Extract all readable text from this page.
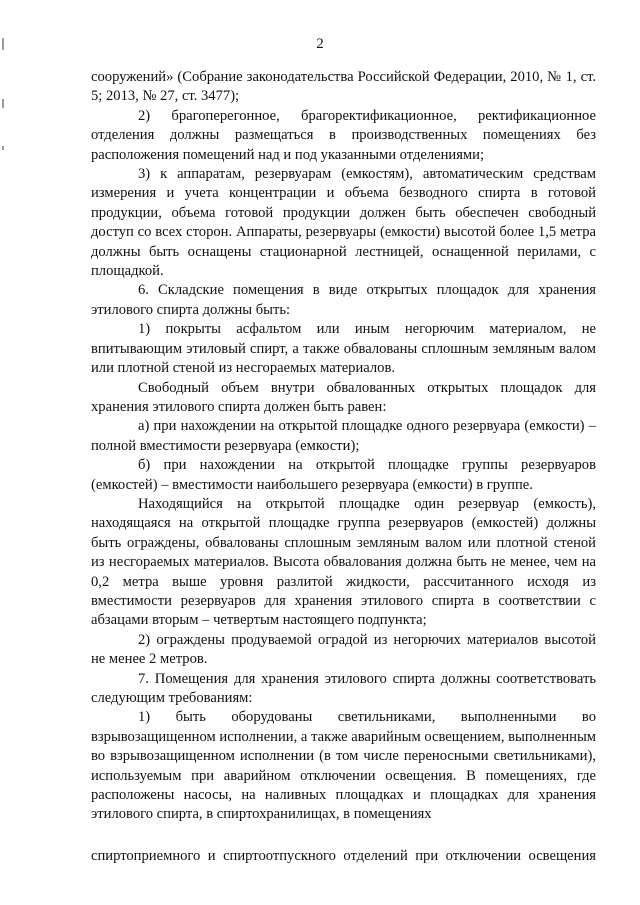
2

сооружений» (Собрание законодательства Российской Федерации, 2010, № 1, ст. 5; 2013, № 27, ст. 3477);

2) брагоперегонное, брагоректификационное, ректификационное отделения должны размещаться в производственных помещениях без расположения помещений над и под указанными отделениями;

3) к аппаратам, резервуарам (емкостям), автоматическим средствам измерения и учета концентрации и объема безводного спирта в готовой продукции, объема готовой продукции должен быть обеспечен свободный доступ со всех сторон. Аппараты, резервуары (емкости) высотой более 1,5 метра должны быть оснащены стационарной лестницей, оснащенной перилами, с площадкой.

6. Складские помещения в виде открытых площадок для хранения этилового спирта должны быть:

1) покрыты асфальтом или иным негорючим материалом, не впитывающим этиловый спирт, а также обвалованы сплошным земляным валом или плотной стеной из несгораемых материалов.

Свободный объем внутри обвалованных открытых площадок для хранения этилового спирта должен быть равен:

а) при нахождении на открытой площадке одного резервуара (емкости) – полной вместимости резервуара (емкости);

б) при нахождении на открытой площадке группы резервуаров (емкостей) – вместимости наибольшего резервуара (емкости) в группе.

Находящийся на открытой площадке один резервуар (емкость), находящаяся на открытой площадке группа резервуаров (емкостей) должны быть ограждены, обвалованы сплошным земляным валом или плотной стеной из несгораемых материалов. Высота обвалования должна быть не менее, чем на 0,2 метра выше уровня разлитой жидкости, рассчитанного исходя из вместимости резервуаров для хранения этилового спирта в соответствии с абзацами вторым – четвертым настоящего подпункта;

2) ограждены продуваемой оградой из негорючих материалов высотой не менее 2 метров.

7. Помещения для хранения этилового спирта должны соответствовать следующим требованиям:

1) быть оборудованы светильниками, выполненными во взрывозащищенном исполнении, а также аварийным освещением, выполненным во взрывозащищенном исполнении (в том числе переносными светильниками), используемым при аварийном отключении освещения. В помещениях, где расположены насосы, на наливных площадках и площадках для хранения этилового спирта, в спиртохранилищах, в помещениях

спиртоприемного и спиртоотпускного отделений при отключении освещения
